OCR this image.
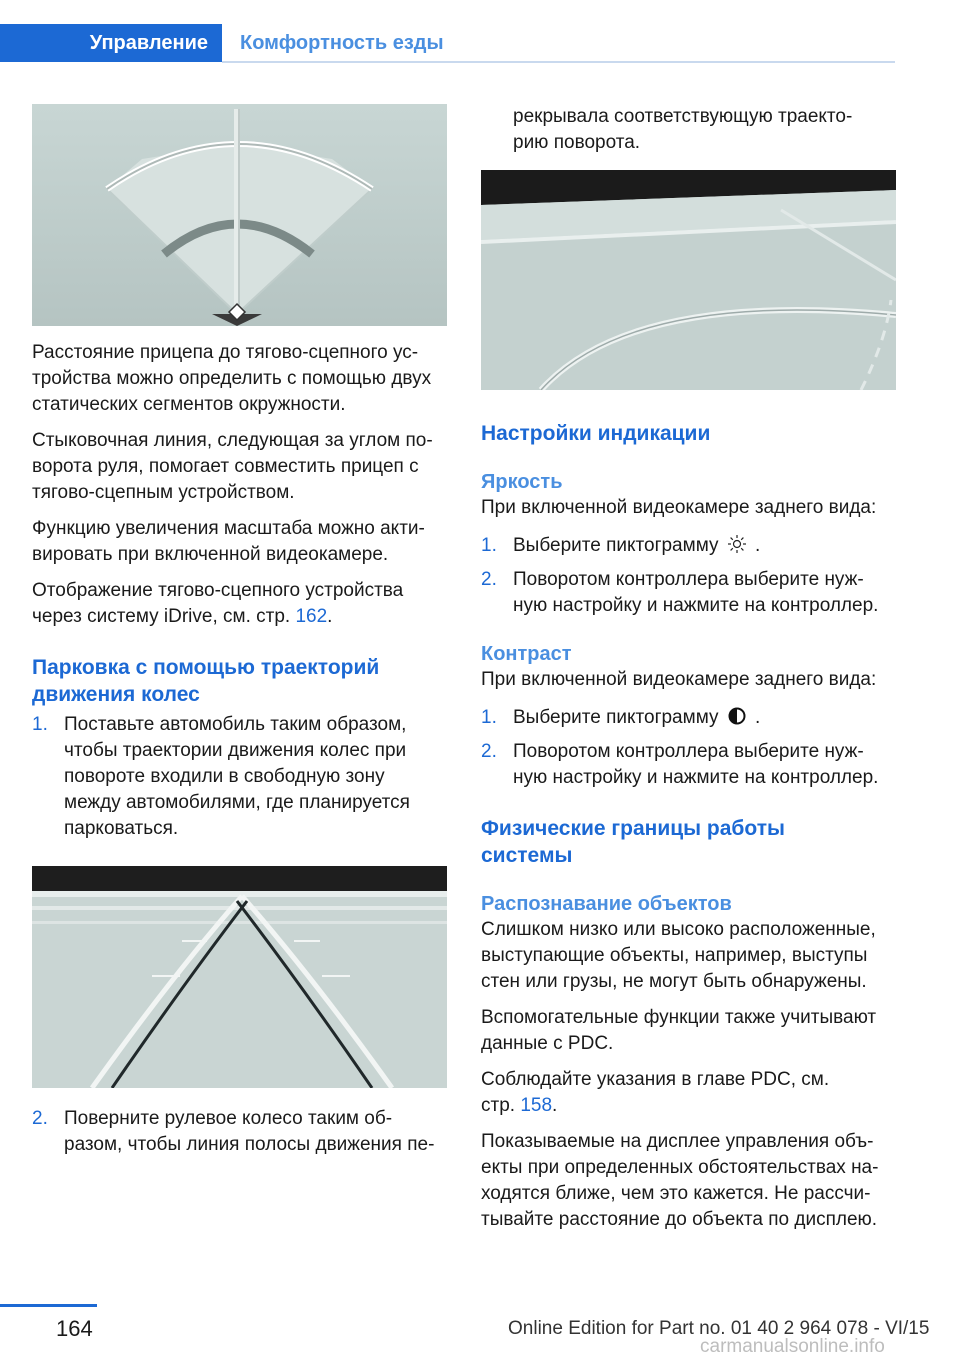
Управление	Комфортность езды

Расстояние прицепа до тягово-сцепного ус-
тройства можно определить с помощью двух
статических сегментов окружности.

Стыковочная линия, следующая за углом по-
ворота руля, помогает совместить прицеп с
тягово-сцепным устройством.

Функцию увеличения масштаба можно акти-
вировать при включенной видеокамере.

Отображение тягово-сцепного устройства
через систему iDrive, см. стр. 162.

Парковка с помощью траекторий
движения колес
1. Поставьте автомобиль таким образом,
чтобы траектории движения колес при
повороте входили в свободную зону
между автомобилями, где планируется
парковаться.
2. Поверните рулевое колесо таким об-
разом, чтобы линия полосы движения пе-
рекрывала соответствующую траекто-
рию поворота.
Настройки индикации
Яркость

При включенной видеокамере заднего вида:

1. Выберите пиктограмму .
2. Поворотом контроллера выберите нуж-
ную настройку и нажмите на контроллер.
Контраст

При включенной видеокамере заднего вида:

1. Выберите пиктограмму .
2. Поворотом контроллера выберите нуж-
ную настройку и нажмите на контроллер.
Физические границы работы
системы
Распознавание объектов

Слишком низко или высоко расположенные,
выступающие объекты, например, выступы
стен или грузы, не могут быть обнаружены.

Вспомогательные функции также учитывают
данные с PDC.

Соблюдайте указания в главе PDC, см.
стр. 158.

Показываемые на дисплее управления объ-
екты при определенных обстоятельствах на-
ходятся ближе, чем это кажется. Не рассчи-
тывайте расстояние до объекта по дисплею.

164	Online Edition for Part no. 01 40 2 964 078 - VI/15
carmanualsonline.info
